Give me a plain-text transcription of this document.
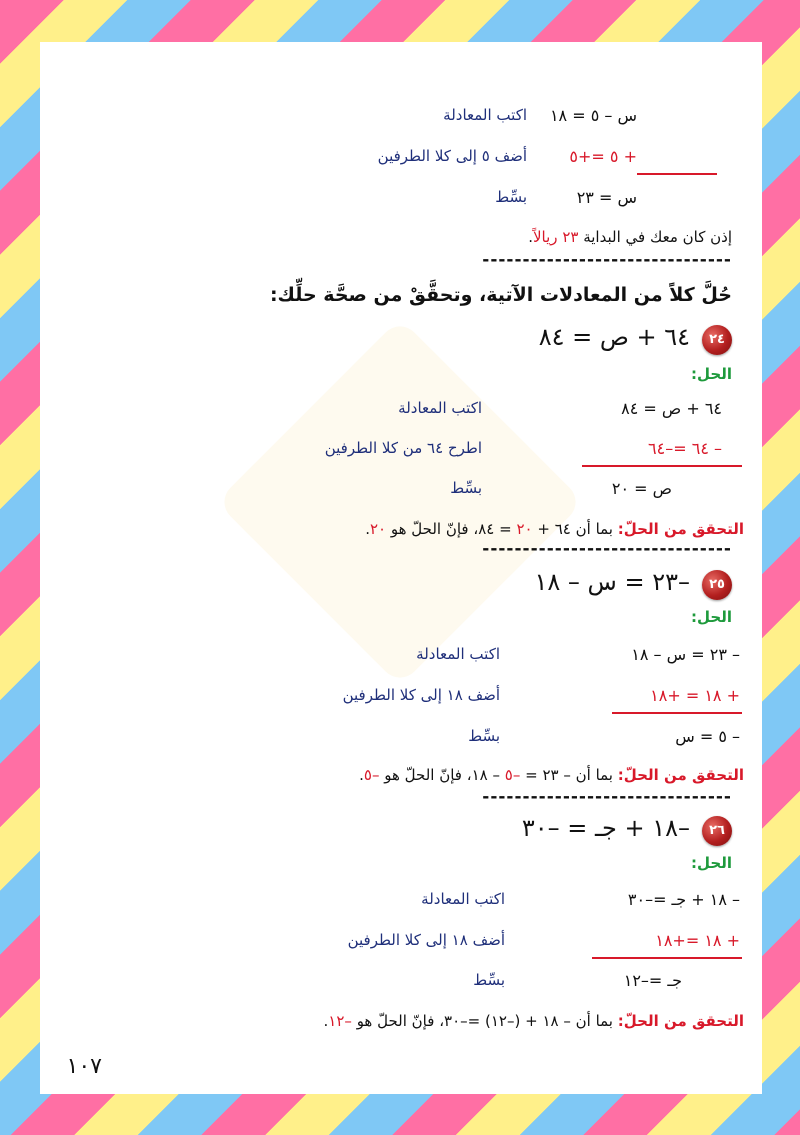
س – ٥ = ١٨
اكتب المعادلة
+ ٥ =+٥
أضف ٥ إلى كلا الطرفين
س = ٢٣
بسِّط
إذن كان معك في البداية ٢٣ ريالاً.
-------------------------------
حُلَّ كلاً من المعادلات الآتية، وتحقَّقْ من صحَّة حلِّك:
٢٤
٦٤ + ص = ٨٤
الحل:
٦٤ + ص = ٨٤
اكتب المعادلة
– ٦٤ =–٦٤
اطرح ٦٤ من كلا الطرفين
ص = ٢٠
بسِّط
التحقق من الحلّ: بما أن ٦٤ + ٢٠ = ٨٤، فإنّ الحلّ هو ٢٠.
-------------------------------
٢٥
–٢٣ = س – ١٨
الحل:
– ٢٣ = س – ١٨
اكتب المعادلة
+ ١٨ = +١٨
أضف ١٨ إلى كلا الطرفين
– ٥ = س
بسِّط
التحقق من الحلّ: بما أن – ٢٣ = –٥ – ١٨، فإنّ الحلّ هو –٥.
-------------------------------
٢٦
–١٨ + جـ = –٣٠
الحل:
– ١٨ + جـ =–٣٠
اكتب المعادلة
+ ١٨ =+١٨
أضف ١٨ إلى كلا الطرفين
جـ =–١٢
بسِّط
التحقق من الحلّ: بما أن – ١٨ + (–١٢) =–٣٠، فإنّ الحلّ هو –١٢.
١٠٧
